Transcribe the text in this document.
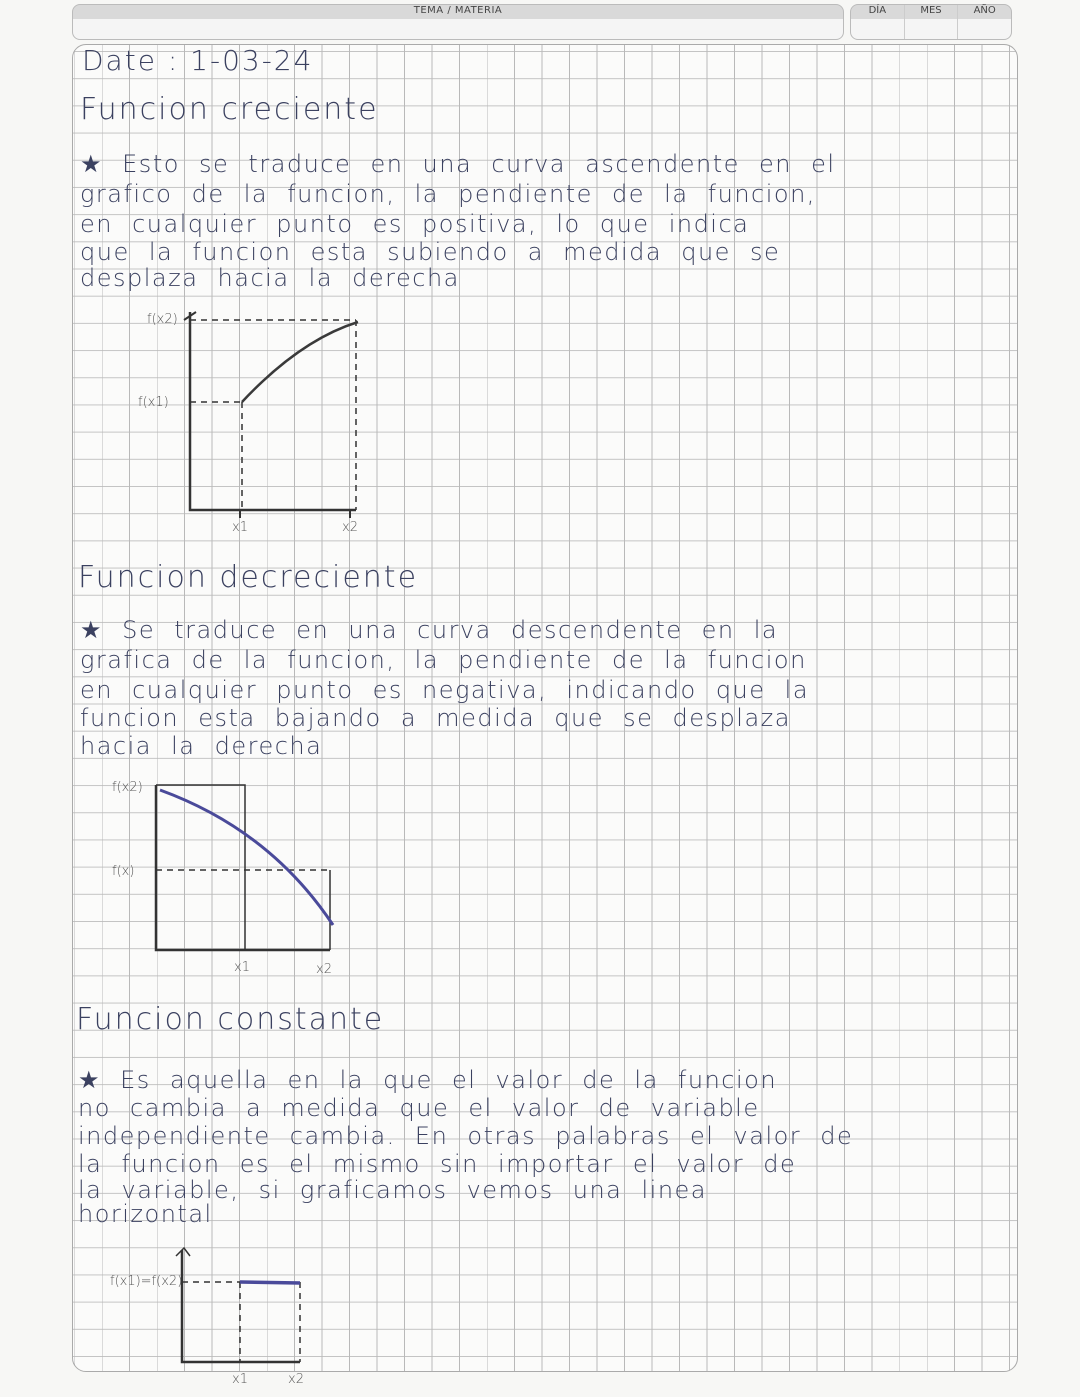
TEMA / MATERIA	DÍA	MES	AÑO
Date : 1-03-24
Funcion creciente
★ Esto se traduce en una curva ascendente en el
grafico de la funcion, la pendiente de la funcion,
en cualquier punto es positiva, lo que indica
que la funcion esta subiendo a medida que se
desplaza hacia la derecha
f(x2)
f(x1)
x1	x2
Funcion decreciente
★ Se traduce en una curva descendente en la
grafica de la funcion, la pendiente de la funcion
en cualquier punto es negativa, indicando que la
funcion esta bajando a medida que se desplaza
hacia la derecha
f(x2)
f(x)
x1	x2
Funcion constante
★ Es aquella en la que el valor de la funcion
no cambia a medida que el valor de variable
independiente cambia. En otras palabras el valor de
la funcion es el mismo sin importar el valor de
la variable, si graficamos vemos una linea
horizontal
f(x1)=f(x2)
x1	x2
